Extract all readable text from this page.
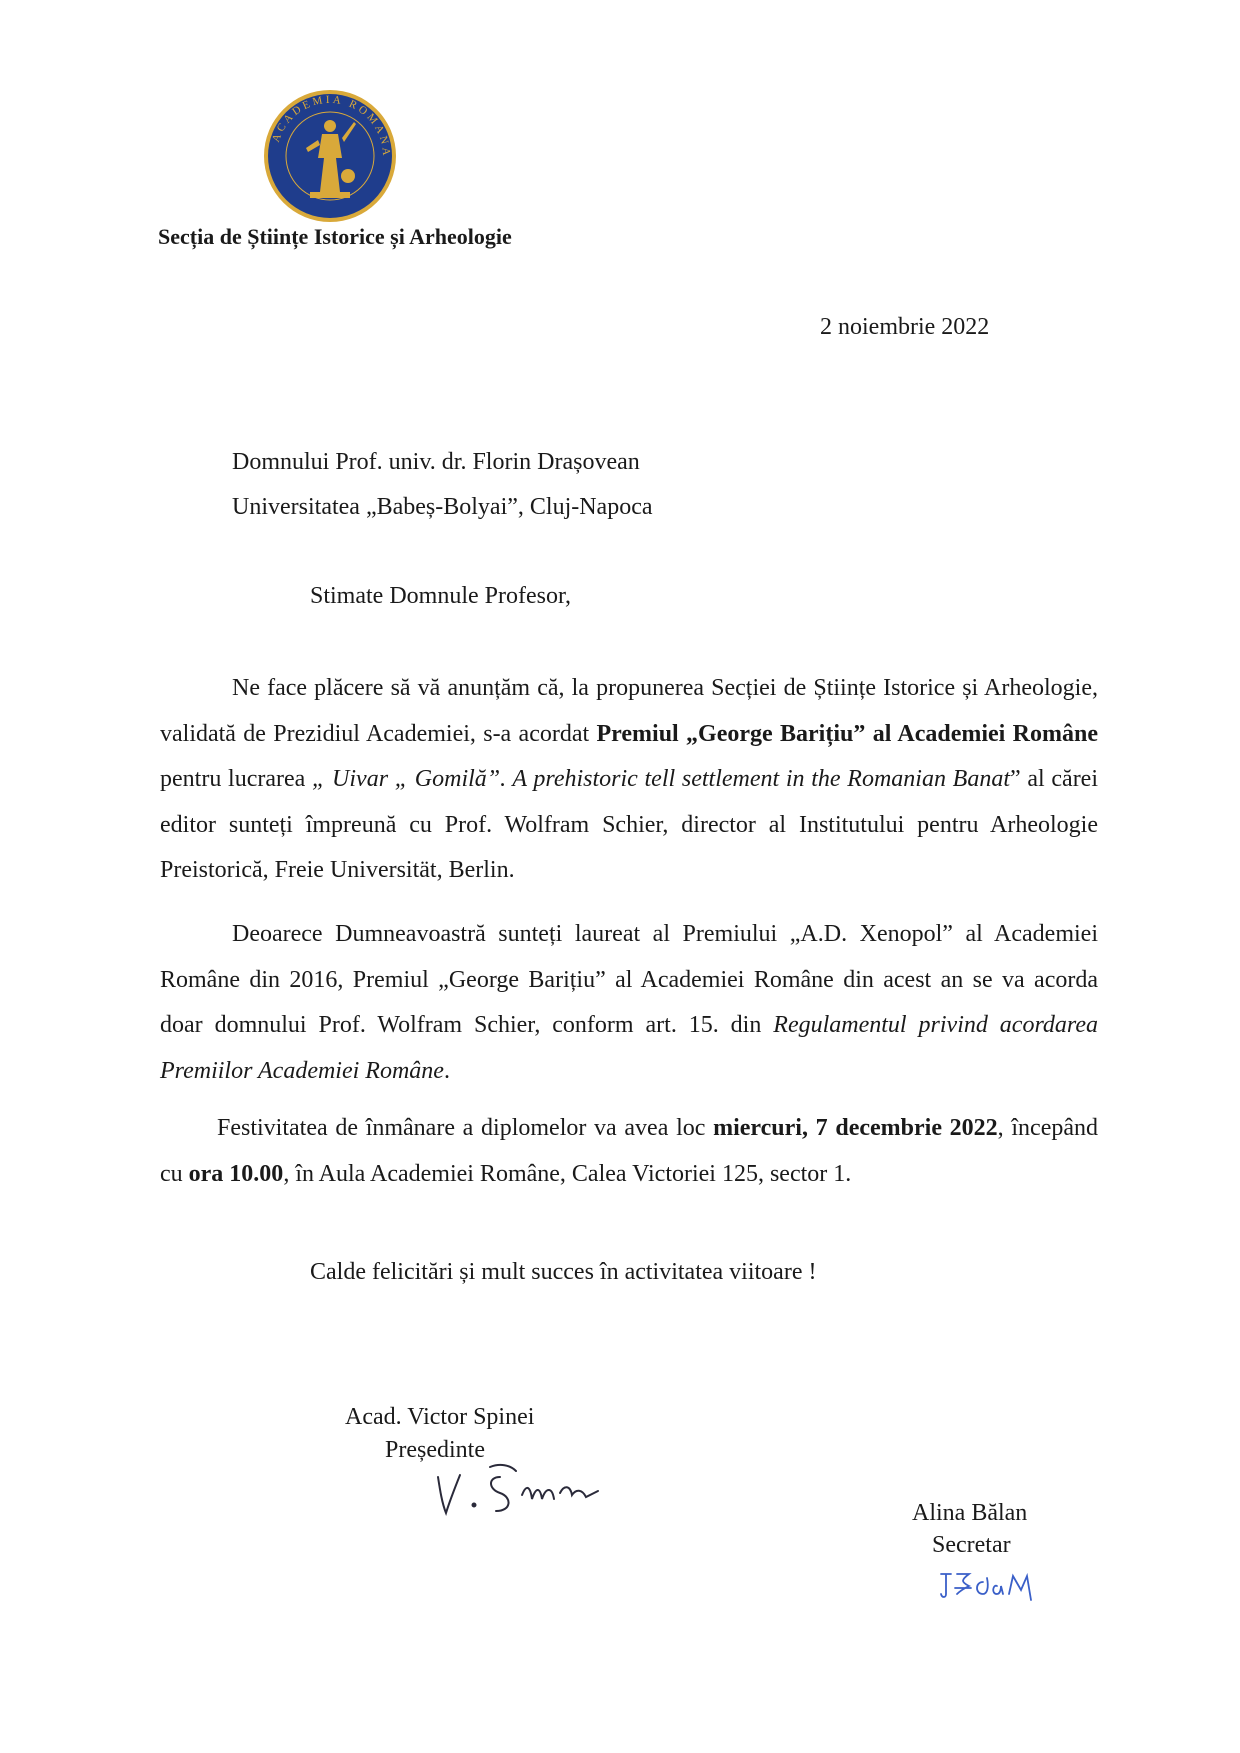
ACADEMIA ROMANA
Secția de Științe Istorice și Arheologie
2 noiembrie 2022
Domnului Prof. univ. dr. Florin Drașovean
Universitatea „Babeș-Bolyai”, Cluj-Napoca
Stimate Domnule Profesor,
Ne face plăcere să vă anunțăm că, la propunerea Secției de Științe Istorice și Arheologie, validată de Prezidiul Academiei, s-a acordat Premiul „George Barițiu” al Academiei Române pentru lucrarea „ Uivar „ Gomilă”. A prehistoric tell settlement in the Romanian Banat” al cărei editor sunteți împreună cu Prof. Wolfram Schier, director al Institutului pentru Arheologie Preistorică, Freie Universität, Berlin.
Deoarece Dumneavoastră sunteți laureat al Premiului „A.D. Xenopol” al Academiei Române din 2016, Premiul „George Barițiu” al Academiei Române din acest an se va acorda doar domnului Prof. Wolfram Schier, conform art. 15. din Regulamentul privind acordarea Premiilor Academiei Române.
Festivitatea de înmânare a diplomelor va avea loc miercuri, 7 decembrie 2022, începând cu ora 10.00, în Aula Academiei Române, Calea Victoriei 125, sector 1.
Calde felicitări și mult succes în activitatea viitoare !
Acad. Victor Spinei
Președinte
Alina Bălan
Secretar
